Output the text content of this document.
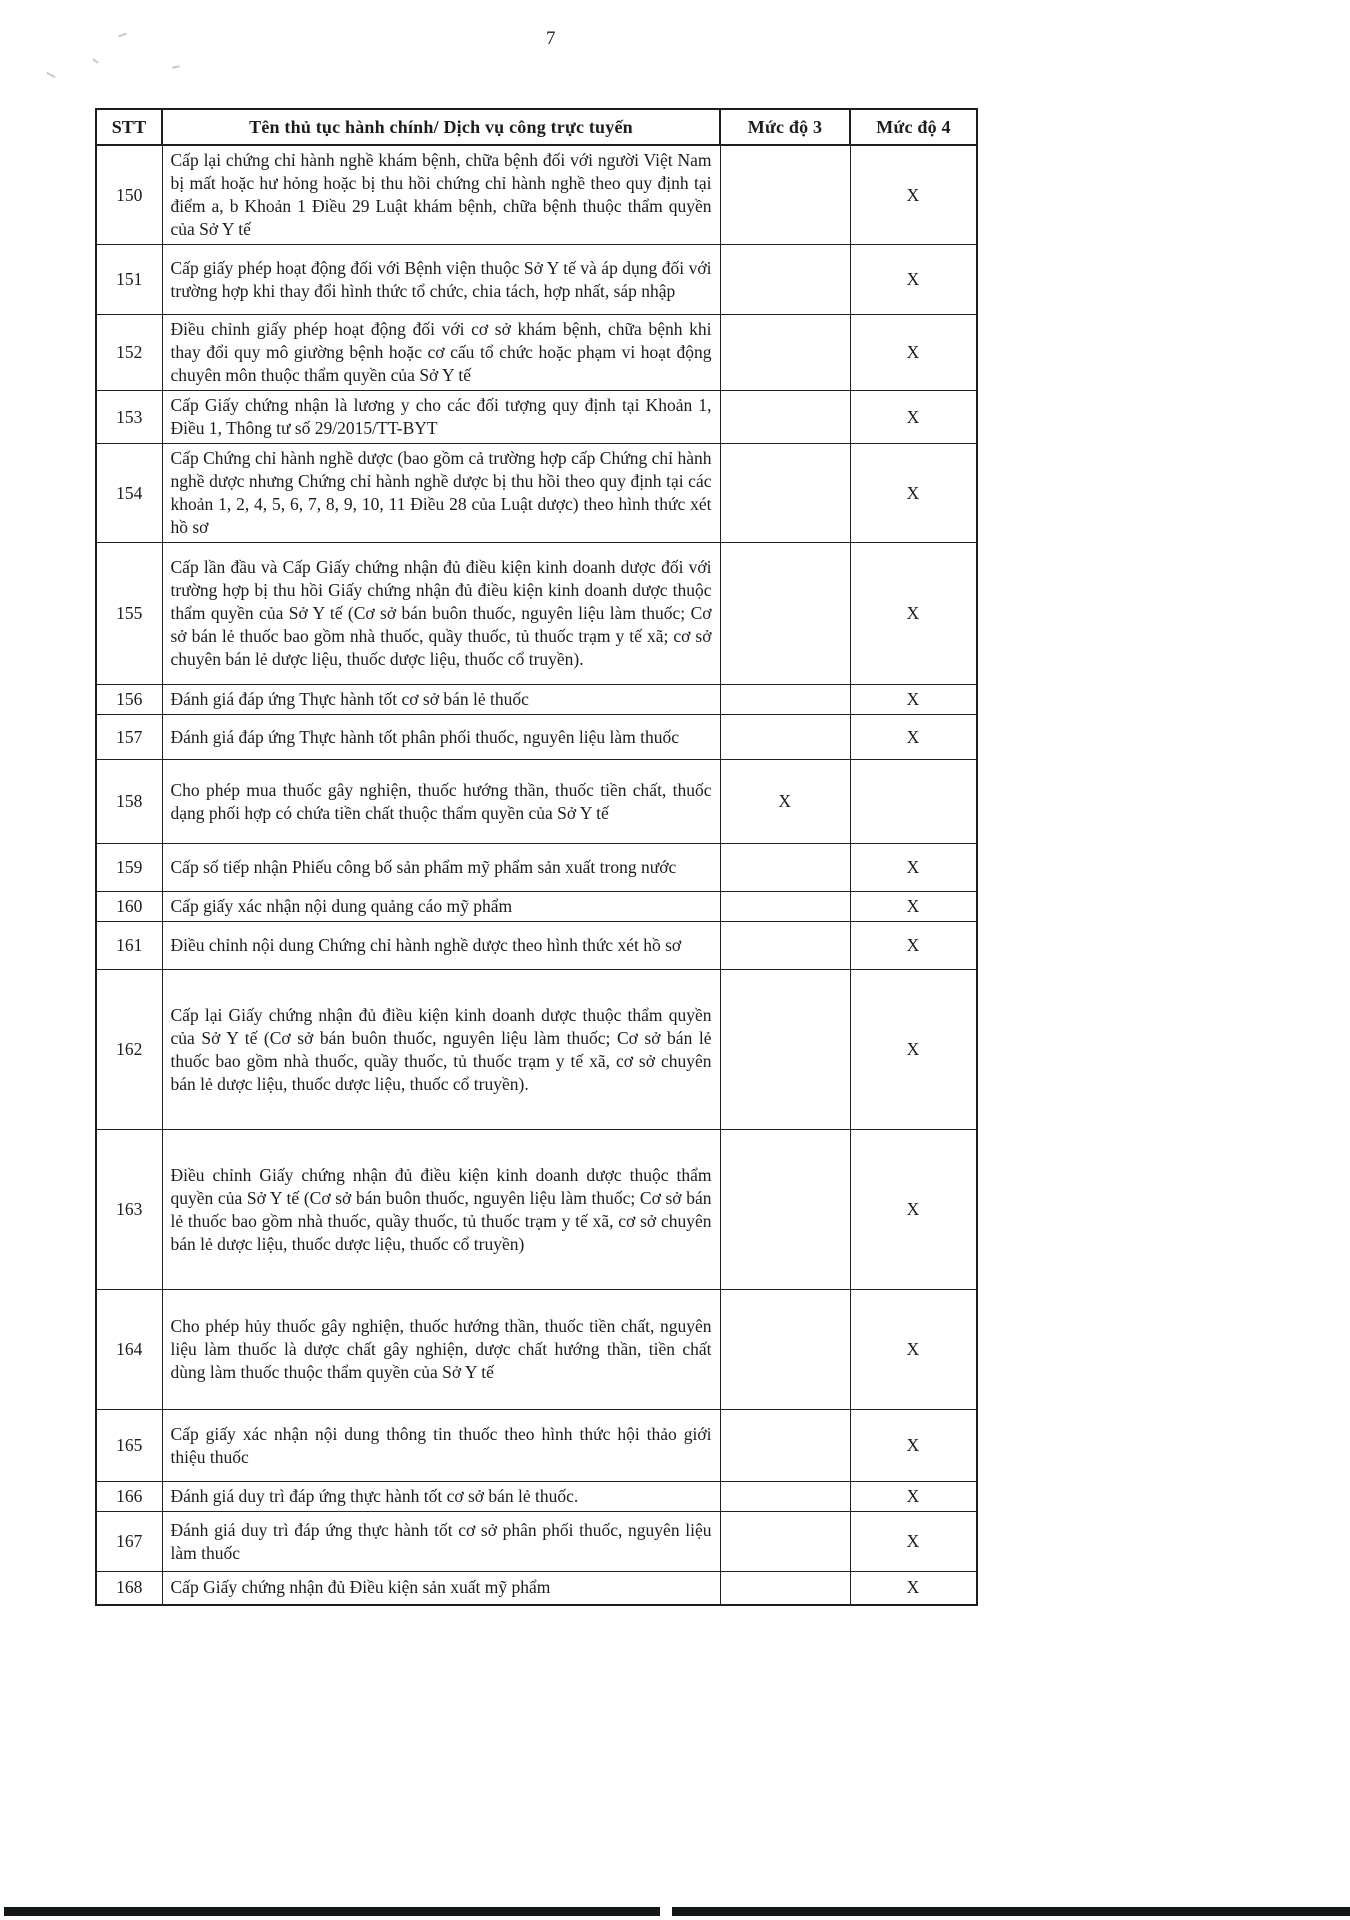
7
STT	Tên thủ tục hành chính/ Dịch vụ công trực tuyến	Mức độ 3	Mức độ 4
150	Cấp lại chứng chỉ hành nghề khám bệnh, chữa bệnh đối với người Việt Nam bị mất hoặc hư hỏng hoặc bị thu hồi chứng chỉ hành nghề theo quy định tại điểm a, b Khoản 1 Điều 29 Luật khám bệnh, chữa bệnh thuộc thẩm quyền của Sở Y tế		X
151	Cấp giấy phép hoạt động đối với Bệnh viện thuộc Sở Y tế và áp dụng đối với trường hợp khi thay đổi hình thức tổ chức, chia tách, hợp nhất, sáp nhập		X
152	Điều chỉnh giấy phép hoạt động đối với cơ sở khám bệnh, chữa bệnh khi thay đổi quy mô giường bệnh hoặc cơ cấu tổ chức hoặc phạm vi hoạt động chuyên môn thuộc thẩm quyền của Sở Y tế		X
153	Cấp Giấy chứng nhận là lương y cho các đối tượng quy định tại Khoản 1, Điều 1, Thông tư số 29/2015/TT-BYT		X
154	Cấp Chứng chỉ hành nghề dược (bao gồm cả trường hợp cấp Chứng chỉ hành nghề dược nhưng Chứng chỉ hành nghề dược bị thu hồi theo quy định tại các khoản 1, 2, 4, 5, 6, 7, 8, 9, 10, 11 Điều 28 của Luật dược) theo hình thức xét hồ sơ		X
155	Cấp lần đầu và Cấp Giấy chứng nhận đủ điều kiện kinh doanh dược đối với trường hợp bị thu hồi Giấy chứng nhận đủ điều kiện kinh doanh dược thuộc thẩm quyền của Sở Y tế (Cơ sở bán buôn thuốc, nguyên liệu làm thuốc; Cơ sở bán lẻ thuốc bao gồm nhà thuốc, quầy thuốc, tủ thuốc trạm y tế xã; cơ sở chuyên bán lẻ dược liệu, thuốc dược liệu, thuốc cổ truyền).		X
156	Đánh giá đáp ứng Thực hành tốt cơ sở bán lẻ thuốc		X
157	Đánh giá đáp ứng Thực hành tốt phân phối thuốc, nguyên liệu làm thuốc		X
158	Cho phép mua thuốc gây nghiện, thuốc hướng thần, thuốc tiền chất, thuốc dạng phối hợp có chứa tiền chất thuộc thẩm quyền của Sở Y tế	X	
159	Cấp số tiếp nhận Phiếu công bố sản phẩm mỹ phẩm sản xuất trong nước		X
160	Cấp giấy xác nhận nội dung quảng cáo mỹ phẩm		X
161	Điều chỉnh nội dung Chứng chỉ hành nghề dược theo hình thức xét hồ sơ		X
162	Cấp lại Giấy chứng nhận đủ điều kiện kinh doanh dược thuộc thẩm quyền của Sở Y tế (Cơ sở bán buôn thuốc, nguyên liệu làm thuốc; Cơ sở bán lẻ thuốc bao gồm nhà thuốc, quầy thuốc, tủ thuốc trạm y tế xã, cơ sở chuyên bán lẻ dược liệu, thuốc dược liệu, thuốc cổ truyền).		X
163	Điều chỉnh Giấy chứng nhận đủ điều kiện kinh doanh dược thuộc thẩm quyền của Sở Y tế (Cơ sở bán buôn thuốc, nguyên liệu làm thuốc; Cơ sở bán lẻ thuốc bao gồm nhà thuốc, quầy thuốc, tủ thuốc trạm y tế xã, cơ sở chuyên bán lẻ dược liệu, thuốc dược liệu, thuốc cổ truyền)		X
164	Cho phép hủy thuốc gây nghiện, thuốc hướng thần, thuốc tiền chất, nguyên liệu làm thuốc là dược chất gây nghiện, dược chất hướng thần, tiền chất dùng làm thuốc thuộc thẩm quyền của Sở Y tế		X
165	Cấp giấy xác nhận nội dung thông tin thuốc theo hình thức hội thảo giới thiệu thuốc		X
166	Đánh giá duy trì đáp ứng thực hành tốt cơ sở bán lẻ thuốc.		X
167	Đánh giá duy trì đáp ứng thực hành tốt cơ sở phân phối thuốc, nguyên liệu làm thuốc		X
168	Cấp Giấy chứng nhận đủ Điều kiện sản xuất mỹ phẩm		X
